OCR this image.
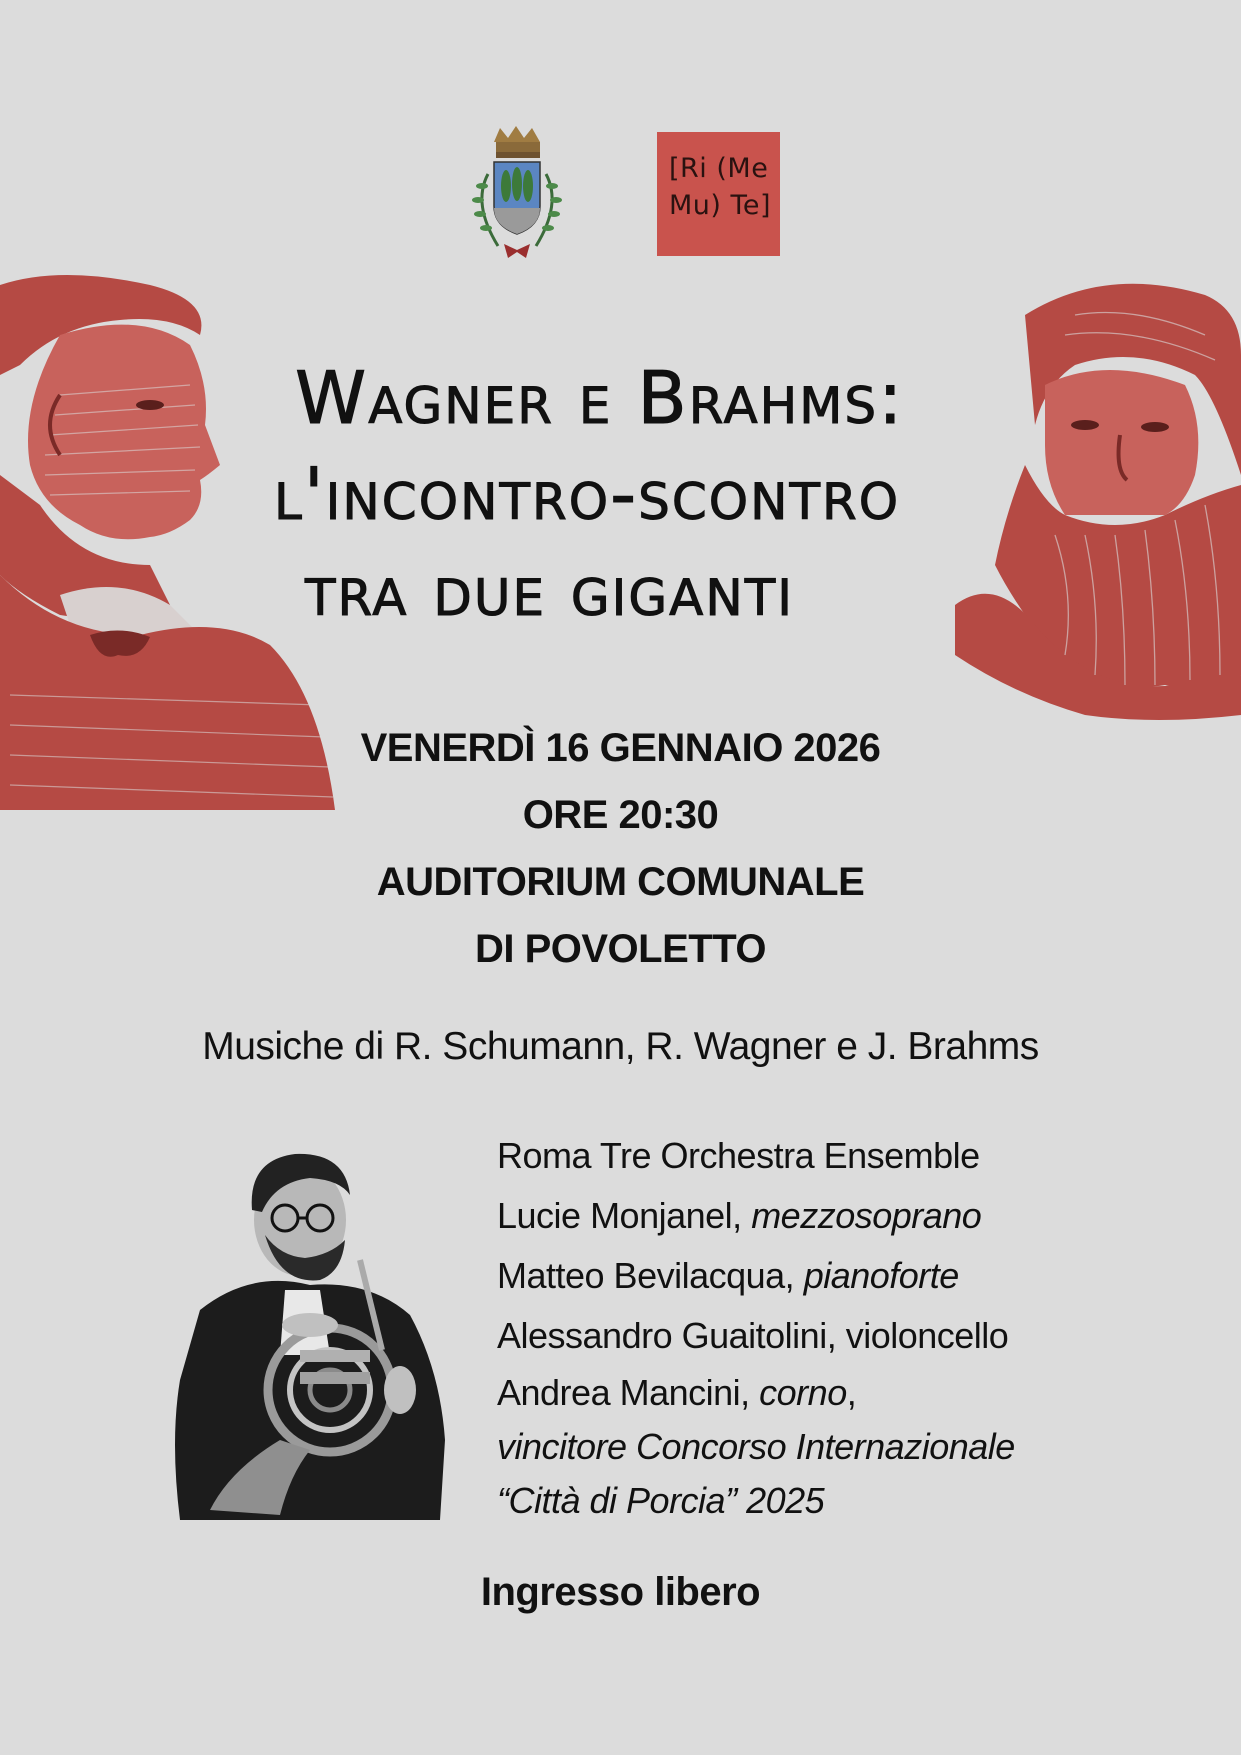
[Ri (Me
Mu) Te]
Wagner e Brahms:
l'incontro-scontro
tra due giganti
VENERDÌ 16 GENNAIO 2026
ORE 20:30
AUDITORIUM COMUNALE
DI POVOLETTO
Musiche di R. Schumann, R. Wagner e J. Brahms
Roma Tre Orchestra Ensemble
Lucie Monjanel, mezzosoprano
Matteo Bevilacqua, pianoforte
Alessandro Guaitolini, violoncello
Andrea Mancini, corno,
vincitore Concorso Internazionale
“Città di Porcia” 2025
Ingresso libero
